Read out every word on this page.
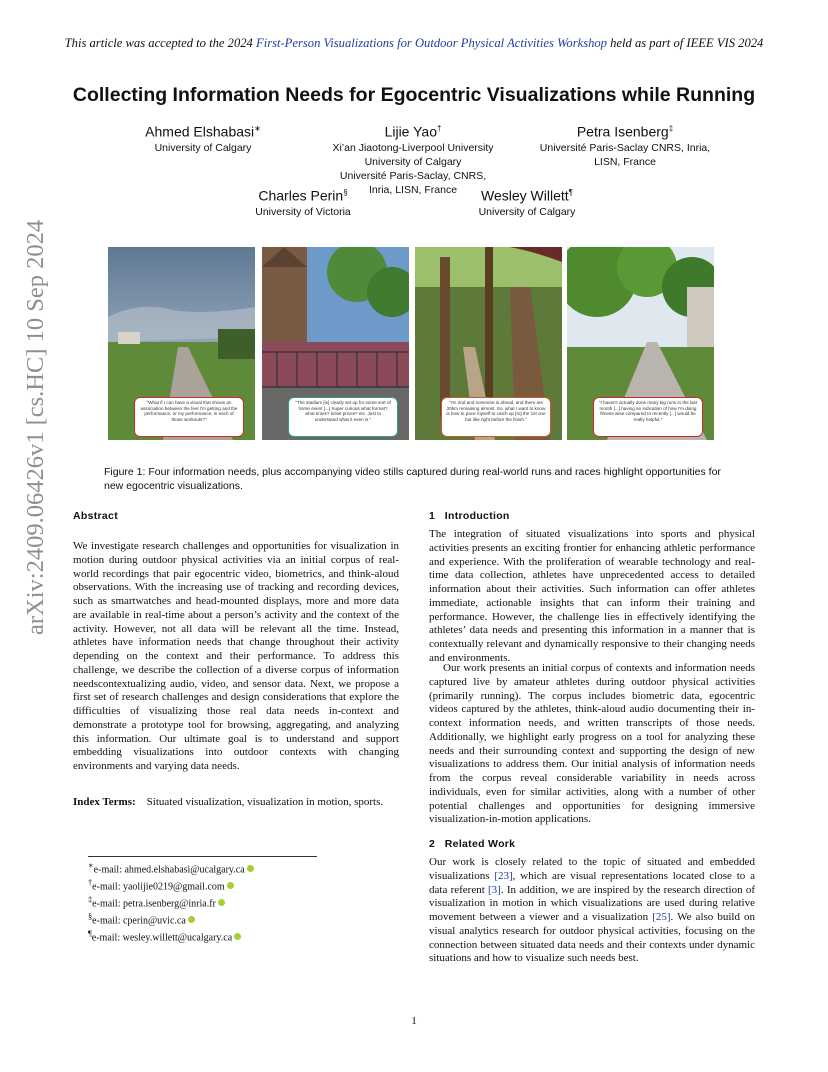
This article was accepted to the 2024 First-Person Visualizations for Outdoor Physical Activities Workshop held as part of IEEE VIS 2024
Collecting Information Needs for Egocentric Visualizations while Running
Ahmed Elshabasi∗
University of Calgary
Lijie Yao†
Xi’an Jiaotong-Liverpool University
University of Calgary
Université Paris-Saclay, CNRS,
Inria, LISN, France
Petra Isenberg‡
Université Paris-Saclay CNRS, Inria,
LISN, France
Charles Perin§
University of Victoria
Wesley Willett¶
University of Calgary
arXiv:2409.06426v1 [cs.HC] 10 Sep 2024	"What if I can have a visual that shows an association between the feel I'm getting and the performance, or my performance, in each of those workouts?"
"The stadium [is] clearly set up for some sort of horse event [...] Super curious what format? what times? ticket prices? etc. Just to understand what it even is."
"I'm 2nd and someone is ahead, and there are 20km remaining almost. So, what I want to know is how to pace myself to catch up [to] the 1st one but like right before the finish."
"I haven't actually done many big runs in the last month [...] having an indication of how I'm doing fitness-wise compared to recently [...] would be really helpful."
Figure 1: Four information needs, plus accompanying video stills captured during real-world runs and races highlight opportunities for new egocentric visualizations.
Abstract
We investigate research challenges and opportunities for visualization in motion during outdoor physical activities via an initial corpus of real-world recordings that pair egocentric video, biometrics, and think-aloud observations. With the increasing use of tracking and recording devices, such as smartwatches and head-mounted displays, more and more data are available in real-time about a person’s activity and the context of the activity. However, not all data will be relevant all the time. Instead, athletes have information needs that change throughout their activity depending on the context and their performance. To address this challenge, we describe the collection of a diverse corpus of information needscontextualizing audio, video, and sensor data. Next, we propose a first set of research challenges and design considerations that explore the difficulties of visualizing those real data needs in-context and demonstrate a prototype tool for browsing, aggregating, and analyzing this information. Our ultimate goal is to understand and support embedding visualizations into outdoor contexts with changing environments and varying data needs.
Index Terms: Situated visualization, visualization in motion, sports.
∗e-mail: ahmed.elshabasi@ucalgary.ca
†e-mail: yaolijie0219@gmail.com
‡e-mail: petra.isenberg@inria.fr
§e-mail: cperin@uvic.ca
¶e-mail: wesley.willett@ucalgary.ca
1 Introduction
The integration of situated visualizations into sports and physical activities presents an exciting frontier for enhancing athletic performance and experience. With the proliferation of wearable technology and real-time data collection, athletes have unprecedented access to detailed information about their activities. Such information can offer athletes immediate, actionable insights that can inform their training and performance. However, the challenge lies in effectively identifying the athletes’ data needs and presenting this information in a manner that is contextually relevant and dynamically responsive to their changing needs and environments.
Our work presents an initial corpus of contexts and information needs captured live by amateur athletes during outdoor physical activities (primarily running). The corpus includes biometric data, egocentric videos captured by the athletes, think-aloud audio documenting their in-context information needs, and written transcripts of those needs. Additionally, we highlight early progress on a tool for analyzing these needs and their surrounding context and supporting the design of new visualizations to address them. Our initial analysis of information needs from the corpus reveal considerable variability in needs across individuals, even for similar activities, along with a number of other potential challenges and opportunities for designing immersive visualization-in-motion applications.
2 Related Work
Our work is closely related to the topic of situated and embedded visualizations [23], which are visual representations located close to a data referent [3]. In addition, we are inspired by the research direction of visualization in motion in which visualizations are used during relative movement between a viewer and a visualization [25]. We also build on visual analytics research for outdoor physical activities, focusing on the connection between situated data needs and their contexts under dynamic situations and how to visualize such needs best.
1
